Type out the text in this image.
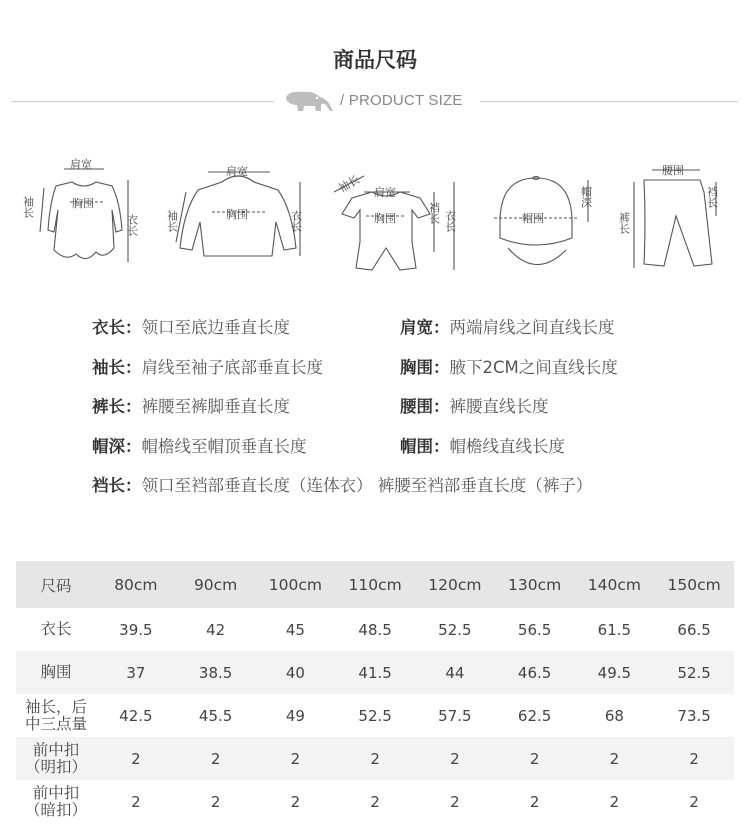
商品尺码
/ PRODUCT SIZE
肩宽
胸围
衣长
袖长
肩宽
胸围	衣长
袖长
肩宽
胸围
袖长
裆长 衣长	帽围
帽深
腰围
裤长
裆长
衣长：领口至底边垂直长度	肩宽：两端肩线之间直线长度
袖长：肩线至袖子底部垂直长度	胸围：腋下2CM之间直线长度
裤长：裤腰至裤脚垂直长度	腰围：裤腰直线长度
帽深：帽檐线至帽顶垂直长度	帽围：帽檐线直线长度
裆长：领口至裆部垂直长度（连体衣） 裤腰至裆部垂直长度（裤子）
尺码	80cm	90cm	100cm	110cm	120cm	130cm	140cm	150cm
衣长	39.5	42	45	48.5	52.5	56.5	61.5	66.5
胸围	37	38.5	40	41.5	44	46.5	49.5	52.5
袖长，后
中三点量	42.5	45.5	49	52.5	57.5	62.5	68	73.5
前中扣
（明扣）	2	2	2	2	2	2	2	2
前中扣
（暗扣）	2	2	2	2	2	2	2	2
